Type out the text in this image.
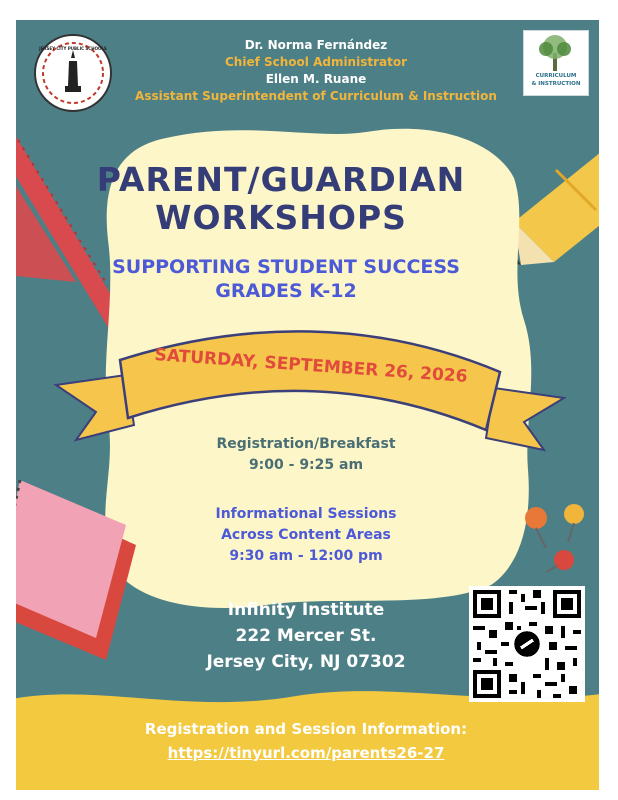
JERSEY CITY PUBLIC SCHOOLS
CURRICULUM
& INSTRUCTION
Dr. Norma Fernández
Chief School Administrator
Ellen M. Ruane
Assistant Superintendent of Curriculum & Instruction
PARENT/GUARDIAN
WORKSHOPS
SUPPORTING STUDENT SUCCESS
GRADES K-12
SATURDAY, SEPTEMBER 26, 2026
Registration/Breakfast
9:00 - 9:25 am
Informational Sessions
Across Content Areas
9:30 am - 12:00 pm
Infinity Institute
222 Mercer St.
Jersey City, NJ 07302
Registration and Session Information:
https://tinyurl.com/parents26-27
